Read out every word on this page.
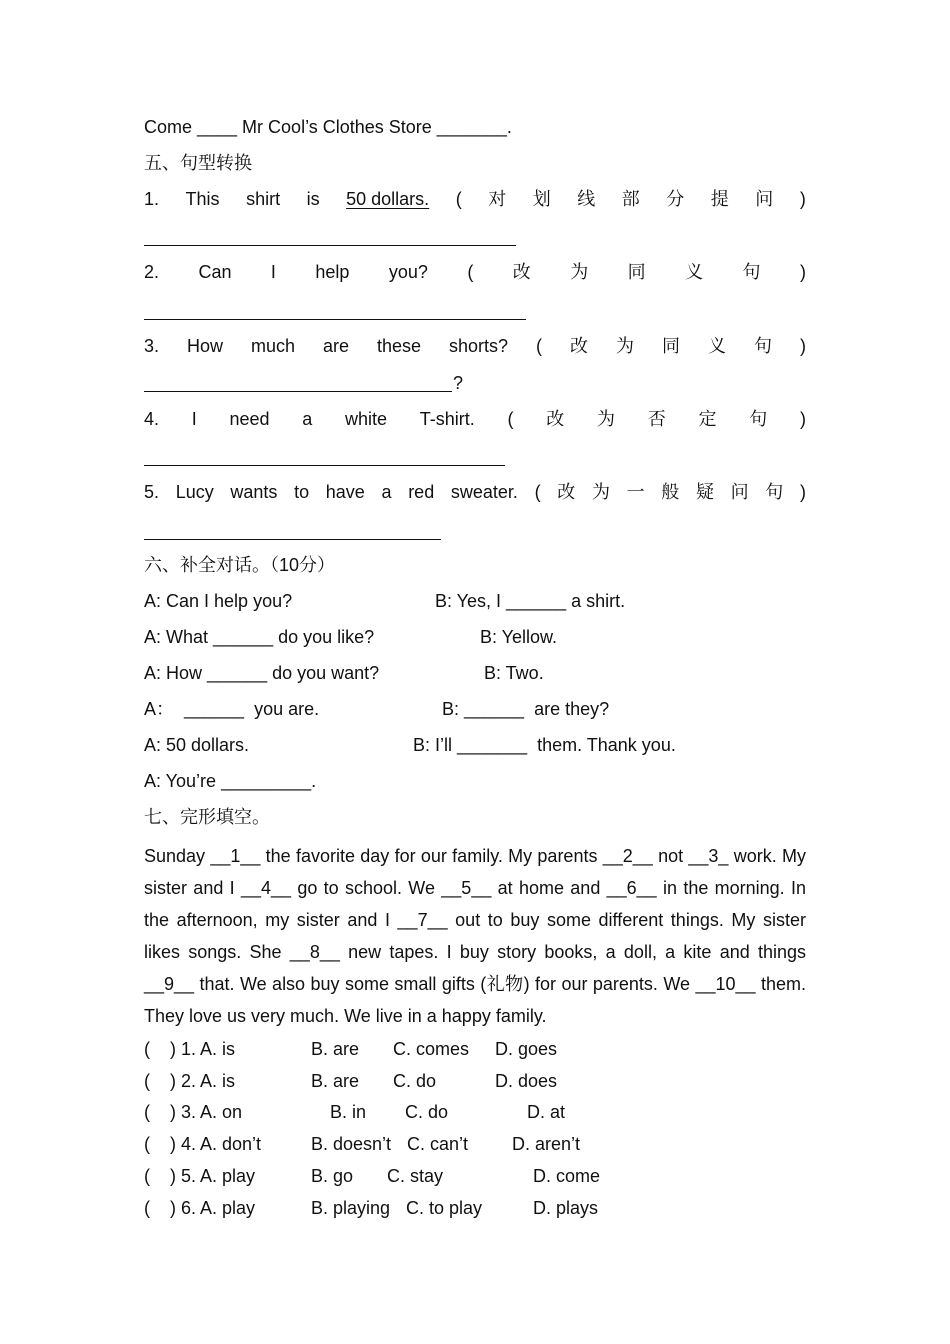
Come ____ Mr Cool’s Clothes Store _______.
五、句型转换
1. This shirt is 50 dollars. ( 对 划 线 部 分 提 问 )
2. Can I help you? ( 改 为 同 义 句 )
3. How much are these shorts? ( 改 为 同 义 句 )
?
4. I need a white T-shirt. ( 改 为 否 定 句 )
5. Lucy wants to have a red sweater. ( 改 为 一 般 疑 问 句 )
六、补全对话。（10分）
A: Can I help you?	B: Yes, I ______ a shirt.
A: What ______ do you like?	B: Yellow.
A: How ______ do you want?	B: Two.
A：  ______  you are.	B: ______  are they?
A: 50 dollars.	B: I’ll _______  them. Thank you.
A: You’re _________.
七、完形填空。
Sunday __1__ the favorite day for our family. My parents __2__ not __3_ work. My sister and I __4__ go to school. We __5__ at home and __6__ in the morning. In the afternoon, my sister and I __7__ out to buy some different things. My sister likes songs. She __8__ new tapes. I buy story books, a doll, a kite and things __9__ that. We also buy some small gifts (礼物) for our parents. We __10__ them. They love us very much. We live in a happy family.
(    ) 1. A. is	B. are C. comes D. goes
(    ) 2. A. is	B. are C. do	D. does
(    ) 3. A. on	B. in C. do	D. at
(    ) 4. A. don’t	B. doesn’t C. can’t D. aren’t
(    ) 5. A. play	B. go C. stay	D. come
(    ) 6. A. play	B. playing C. to play	D. plays
